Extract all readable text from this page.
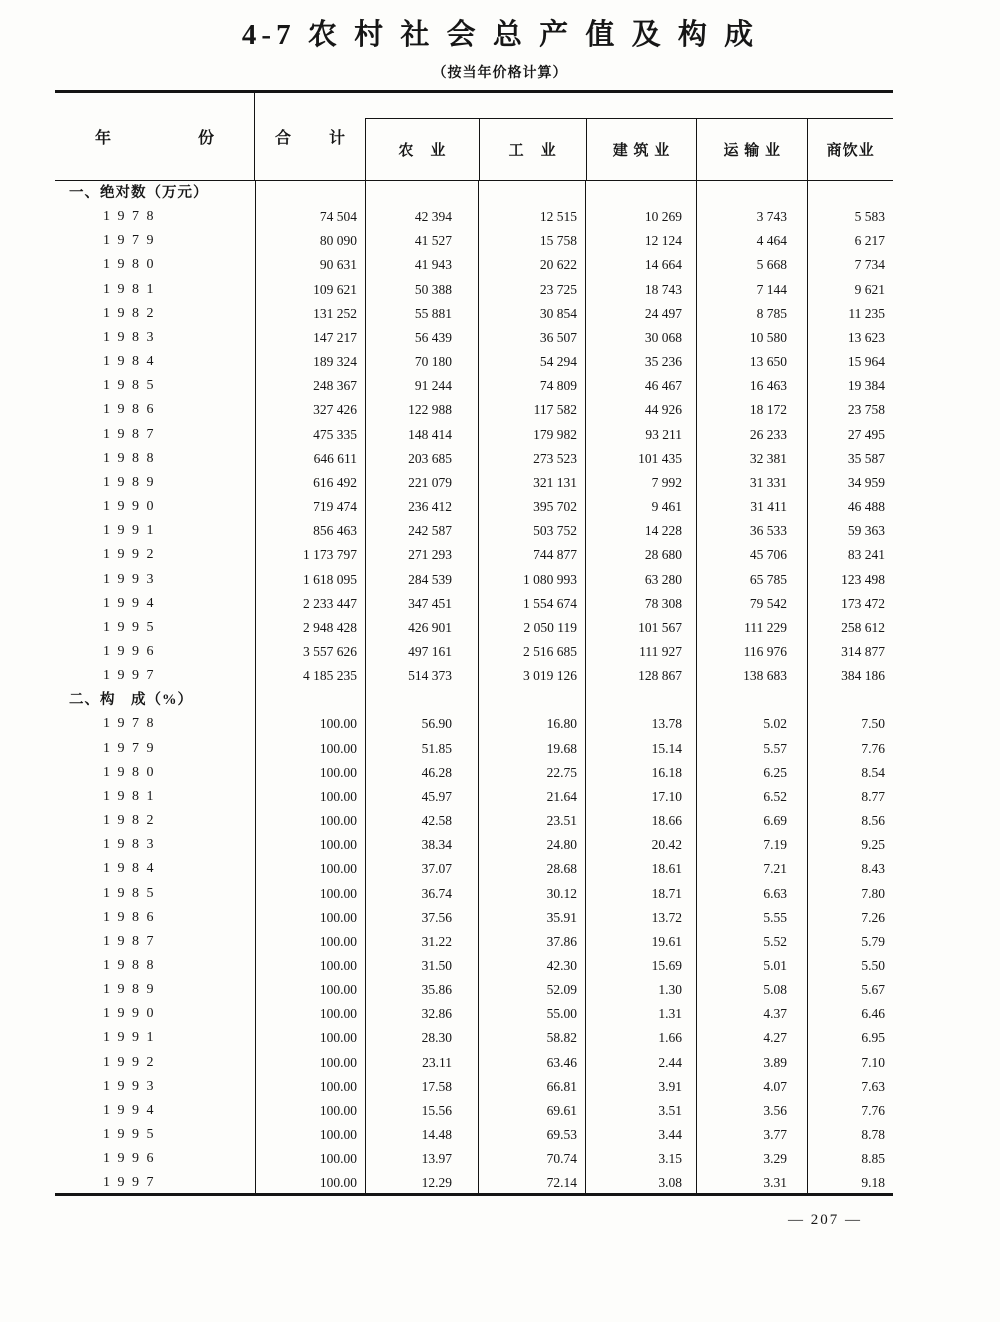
4-7 农 村 社 会 总 产 值 及 构 成
（按当年价格计算）
年	份	合 计
农　业	工　业	建 筑 业	运 输 业	商饮业
一、绝对数（万元）
1 9 7 8	74 504	42 394	12 515	10 269	3 743	5 583
1 9 7 9	80 090	41 527	15 758	12 124	4 464	6 217
1 9 8 0	90 631	41 943	20 622	14 664	5 668	7 734
1 9 8 1	109 621	50 388	23 725	18 743	7 144	9 621
1 9 8 2	131 252	55 881	30 854	24 497	8 785	11 235
1 9 8 3	147 217	56 439	36 507	30 068	10 580	13 623
1 9 8 4	189 324	70 180	54 294	35 236	13 650	15 964
1 9 8 5	248 367	91 244	74 809	46 467	16 463	19 384
1 9 8 6	327 426	122 988	117 582	44 926	18 172	23 758
1 9 8 7	475 335	148 414	179 982	93 211	26 233	27 495
1 9 8 8	646 611	203 685	273 523	101 435	32 381	35 587
1 9 8 9	616 492	221 079	321 131	7 992	31 331	34 959
1 9 9 0	719 474	236 412	395 702	9 461	31 411	46 488
1 9 9 1	856 463	242 587	503 752	14 228	36 533	59 363
1 9 9 2	1 173 797	271 293	744 877	28 680	45 706	83 241
1 9 9 3	1 618 095	284 539	1 080 993	63 280	65 785	123 498
1 9 9 4	2 233 447	347 451	1 554 674	78 308	79 542	173 472
1 9 9 5	2 948 428	426 901	2 050 119	101 567	111 229	258 612
1 9 9 6	3 557 626	497 161	2 516 685	111 927	116 976	314 877
1 9 9 7	4 185 235	514 373	3 019 126	128 867	138 683	384 186
二、构　成（%）
1 9 7 8	100.00	56.90	16.80	13.78	5.02	7.50
1 9 7 9	100.00	51.85	19.68	15.14	5.57	7.76
1 9 8 0	100.00	46.28	22.75	16.18	6.25	8.54
1 9 8 1	100.00	45.97	21.64	17.10	6.52	8.77
1 9 8 2	100.00	42.58	23.51	18.66	6.69	8.56
1 9 8 3	100.00	38.34	24.80	20.42	7.19	9.25
1 9 8 4	100.00	37.07	28.68	18.61	7.21	8.43
1 9 8 5	100.00	36.74	30.12	18.71	6.63	7.80
1 9 8 6	100.00	37.56	35.91	13.72	5.55	7.26
1 9 8 7	100.00	31.22	37.86	19.61	5.52	5.79
1 9 8 8	100.00	31.50	42.30	15.69	5.01	5.50
1 9 8 9	100.00	35.86	52.09	1.30	5.08	5.67
1 9 9 0	100.00	32.86	55.00	1.31	4.37	6.46
1 9 9 1	100.00	28.30	58.82	1.66	4.27	6.95
1 9 9 2	100.00	23.11	63.46	2.44	3.89	7.10
1 9 9 3	100.00	17.58	66.81	3.91	4.07	7.63
1 9 9 4	100.00	15.56	69.61	3.51	3.56	7.76
1 9 9 5	100.00	14.48	69.53	3.44	3.77	8.78
1 9 9 6	100.00	13.97	70.74	3.15	3.29	8.85
1 9 9 7	100.00	12.29	72.14	3.08	3.31	9.18
— 207 —
